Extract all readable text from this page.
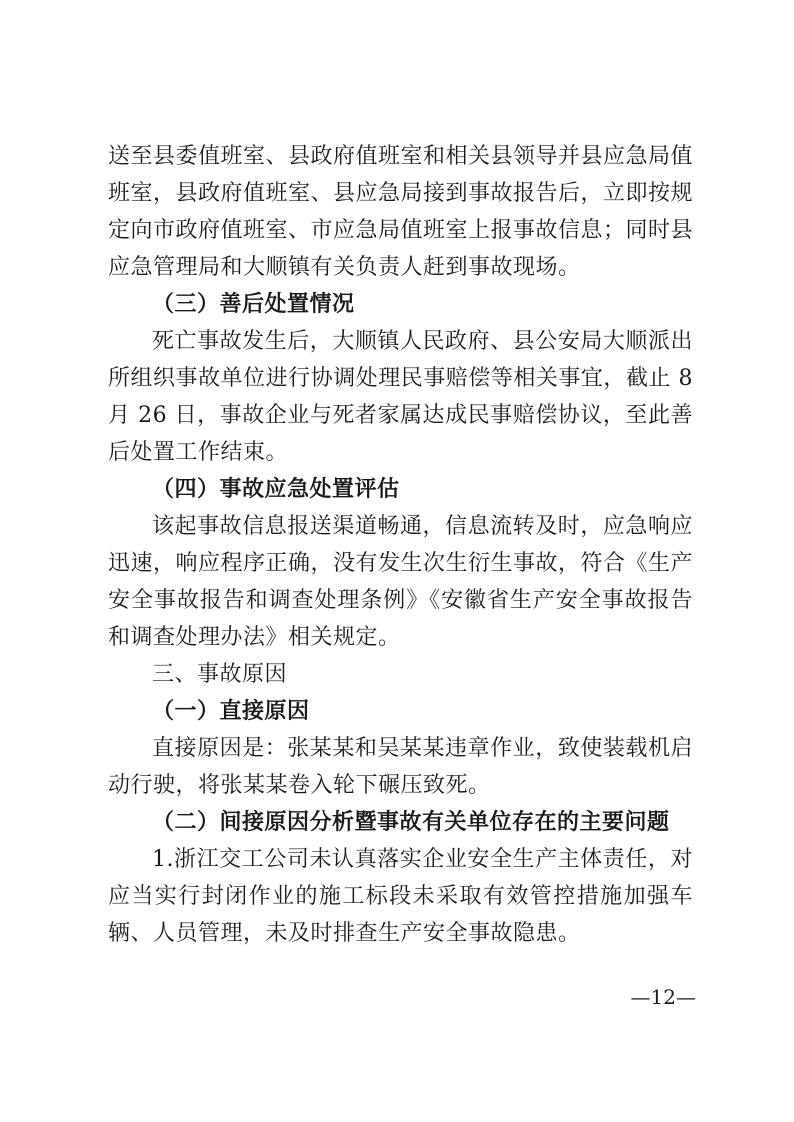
送至县委值班室、县政府值班室和相关县领导并县应急局值班室，县政府值班室、县应急局接到事故报告后，立即按规定向市政府值班室、市应急局值班室上报事故信息；同时县应急管理局和大顺镇有关负责人赶到事故现场。

（三）善后处置情况

死亡事故发生后，大顺镇人民政府、县公安局大顺派出所组织事故单位进行协调处理民事赔偿等相关事宜，截止 8 月 26 日，事故企业与死者家属达成民事赔偿协议，至此善后处置工作结束。

（四）事故应急处置评估

该起事故信息报送渠道畅通，信息流转及时，应急响应迅速，响应程序正确，没有发生次生衍生事故，符合《生产安全事故报告和调查处理条例》《安徽省生产安全事故报告和调查处理办法》相关规定。

三、事故原因

（一）直接原因

直接原因是：张某某和吴某某违章作业，致使装载机启动行驶，将张某某卷入轮下碾压致死。

（二）间接原因分析暨事故有关单位存在的主要问题

1.浙江交工公司未认真落实企业安全生产主体责任，对应当实行封闭作业的施工标段未采取有效管控措施加强车辆、人员管理，未及时排查生产安全事故隐患。

—12—
